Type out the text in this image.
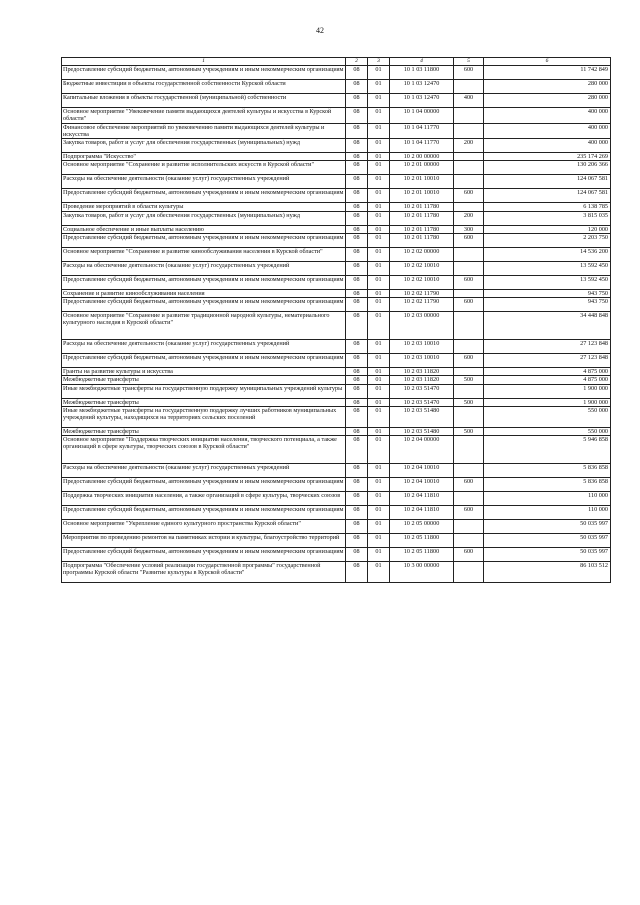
42
1	2	3	4	5	6
Предоставление субсидий бюджетным, автономным учреждениям и иным некоммерческим организациям	08	01	10 1 03 11800	600	11 742 849
Бюджетные инвестиции в объекты государственной собственности Курской области	08	01	10 1 03 12470		280 000
Капитальные вложения в объекты государственной (муниципальной) собственности	08	01	10 1 03 12470	400	280 000
Основное мероприятие "Увековечение памяти выдающихся деятелей культуры и искусства в Курской области"	08	01	10 1 04 00000		400 000
Финансовое обеспечение мероприятий по увековечению памяти выдающихся деятелей культуры и искусства	08	01	10 1 04 11770		400 000
Закупка товаров, работ и услуг для обеспечения государственных (муниципальных) нужд	08	01	10 1 04 11770	200	400 000
Подпрограмма "Искусство"	08	01	10 2 00 00000		235 174 269
Основное мероприятие "Сохранение и развитие исполнительских искусств в Курской области"	08	01	10 2 01 00000		130 206 366
Расходы на обеспечение деятельности (оказание услуг) государственных учреждений	08	01	10 2 01 10010		124 067 581
Предоставление субсидий бюджетным, автономным учреждениям и иным некоммерческим организациям	08	01	10 2 01 10010	600	124 067 581
Проведение мероприятий в области культуры	08	01	10 2 01 11780		6 138 785
Закупка товаров, работ и услуг для обеспечения государственных (муниципальных) нужд	08	01	10 2 01 11780	200	3 815 035
Социальное обеспечение и иные выплаты населению	08	01	10 2 01 11780	300	120 000
Предоставление субсидий бюджетным, автономным учреждениям и иным некоммерческим организациям	08	01	10 2 01 11780	600	2 203 750
Основное мероприятие "Сохранение и развитие кинообслуживания населения в Курской области"	08	01	10 2 02 00000		14 536 200
Расходы на обеспечение деятельности (оказание услуг) государственных учреждений	08	01	10 2 02 10010		13 592 450
Предоставление субсидий бюджетным, автономным учреждениям и иным некоммерческим организациям	08	01	10 2 02 10010	600	13 592 450
Сохранение и развитие кинообслуживания населения	08	01	10 2 02 11790		943 750
Предоставление субсидий бюджетным, автономным учреждениям и иным некоммерческим организациям	08	01	10 2 02 11790	600	943 750
Основное мероприятие "Сохранение и развитие традиционной народной культуры, нематериального культурного наследия в Курской области"	08	01	10 2 03 00000		34 448 848
Расходы на обеспечение деятельности (оказание услуг) государственных учреждений	08	01	10 2 03 10010		27 123 848
Предоставление субсидий бюджетным, автономным учреждениям и иным некоммерческим организациям	08	01	10 2 03 10010	600	27 123 848
Гранты на развитие культуры и искусства	08	01	10 2 03 11820		4 875 000
Межбюджетные трансферты	08	01	10 2 03 11820	500	4 875 000
Иные межбюджетные трансферты на государственную поддержку муниципальных учреждений культуры	08	01	10 2 03 51470		1 900 000
Межбюджетные трансферты	08	01	10 2 03 51470	500	1 900 000
Иные межбюджетные трансферты на государственную поддержку лучших работников муниципальных учреждений культуры, находящихся на территориях сельских поселений	08	01	10 2 03 51480		550 000
Межбюджетные трансферты	08	01	10 2 03 51480	500	550 000
Основное мероприятие "Поддержка творческих инициатив населения, творческого потенциала, а также организаций в сфере культуры, творческих союзов в Курской области"	08	01	10 2 04 00000		5 946 858
Расходы на обеспечение деятельности (оказание услуг) государственных учреждений	08	01	10 2 04 10010		5 836 858
Предоставление субсидий бюджетным, автономным учреждениям и иным некоммерческим организациям	08	01	10 2 04 10010	600	5 836 858
Поддержка творческих инициатив населения, а также организаций в сфере культуры, творческих союзов	08	01	10 2 04 11810		110 000
Предоставление субсидий бюджетным, автономным учреждениям и иным некоммерческим организациям	08	01	10 2 04 11810	600	110 000
Основное мероприятие "Укрепление единого культурного пространства Курской области"	08	01	10 2 05 00000		50 035 997
Мероприятия по проведению ремонтов на памятниках истории и культуры, благоустройство территорий	08	01	10 2 05 11800		50 035 997
Предоставление субсидий бюджетным, автономным учреждениям и иным некоммерческим организациям	08	01	10 2 05 11800	600	50 035 997
Подпрограмма "Обеспечение условий реализации государственной программы" государственной программы Курской области "Развитие культуры в Курской области"	08	01	10 3 00 00000		86 103 512
